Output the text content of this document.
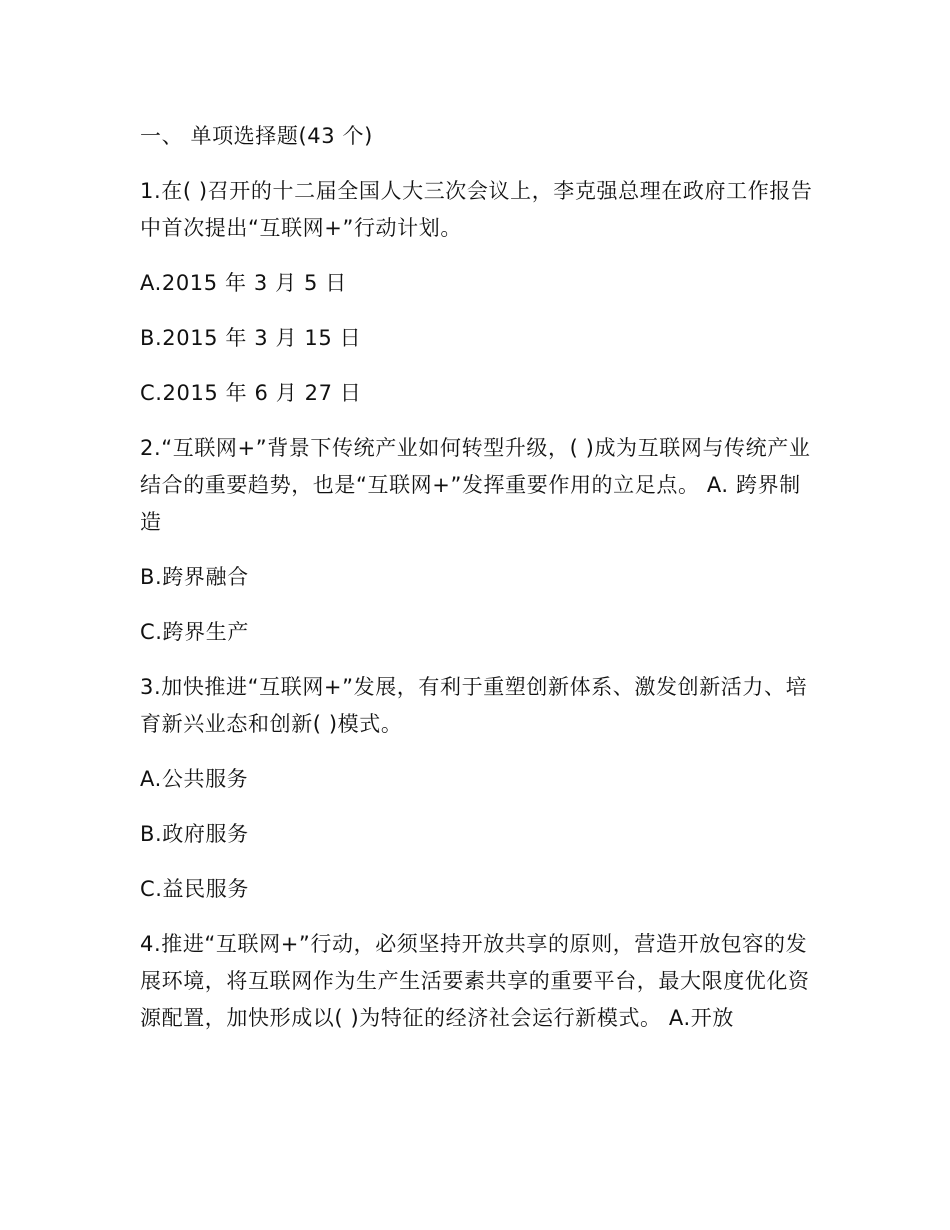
一、 单项选择题(43 个)

1.在( )召开的十二届全国人大三次会议上，李克强总理在政府工作报告中首次提出“互联网+”行动计划。

A.2015 年 3 月 5 日

B.2015 年 3 月 15 日

C.2015 年 6 月 27 日

2.“互联网+”背景下传统产业如何转型升级，( )成为互联网与传统产业结合的重要趋势，也是“互联网+”发挥重要作用的立足点。 A. 跨界制造

B.跨界融合

C.跨界生产

3.加快推进“互联网+”发展，有利于重塑创新体系、激发创新活力、培育新兴业态和创新( )模式。

A.公共服务

B.政府服务

C.益民服务

4.推进“互联网+”行动，必须坚持开放共享的原则，营造开放包容的发展环境，将互联网作为生产生活要素共享的重要平台，最大限度优化资源配置，加快形成以( )为特征的经济社会运行新模式。 A.开放
